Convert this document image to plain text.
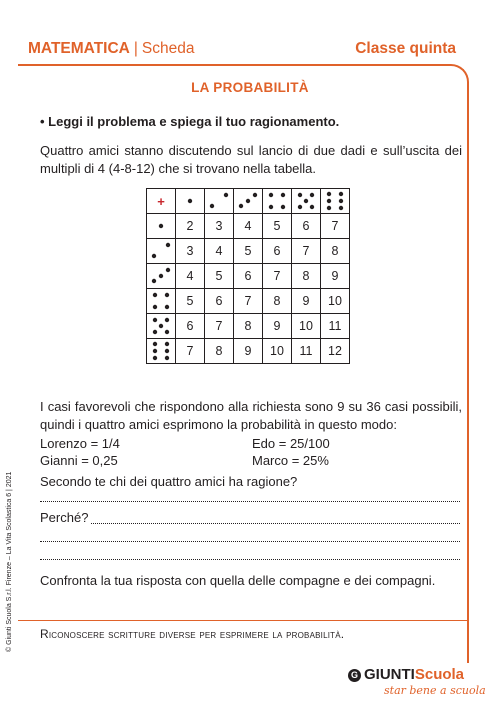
MATEMATICA | Scheda	Classe quinta
LA PROBABILITÀ
• Leggi il problema e spiega il tuo ragionamento.
Quattro amici stanno discutendo sul lancio di due dadi e sull’uscita dei multipli di 4 (4-8-12) che si trovano nella tabella.
+	

	2	3	4	5	6	7

	3	4	5	6	7	8

	4	5	6	7	8	9

	5	6	7	8	9	10

	6	7	8	9	10	11

	7	8	9	10	11	12
I casi favorevoli che rispondono alla richiesta sono 9 su 36 casi possibili, quindi i quattro amici esprimono la probabilità in questo modo:
Lorenzo = 1/4	Edo = 25/100
Gianni = 0,25	Marco = 25%
Secondo te chi dei quattro amici ha ragione?
Perché?
Confronta la tua risposta con quella delle compagne e dei compagni.
Riconoscere scritture diverse per esprimere la probabilità.
© Giunti Scuola S.r.l. Firenze – La Vita Scolastica 6 | 2021
G GIUNTIScuola
star bene a scuola
